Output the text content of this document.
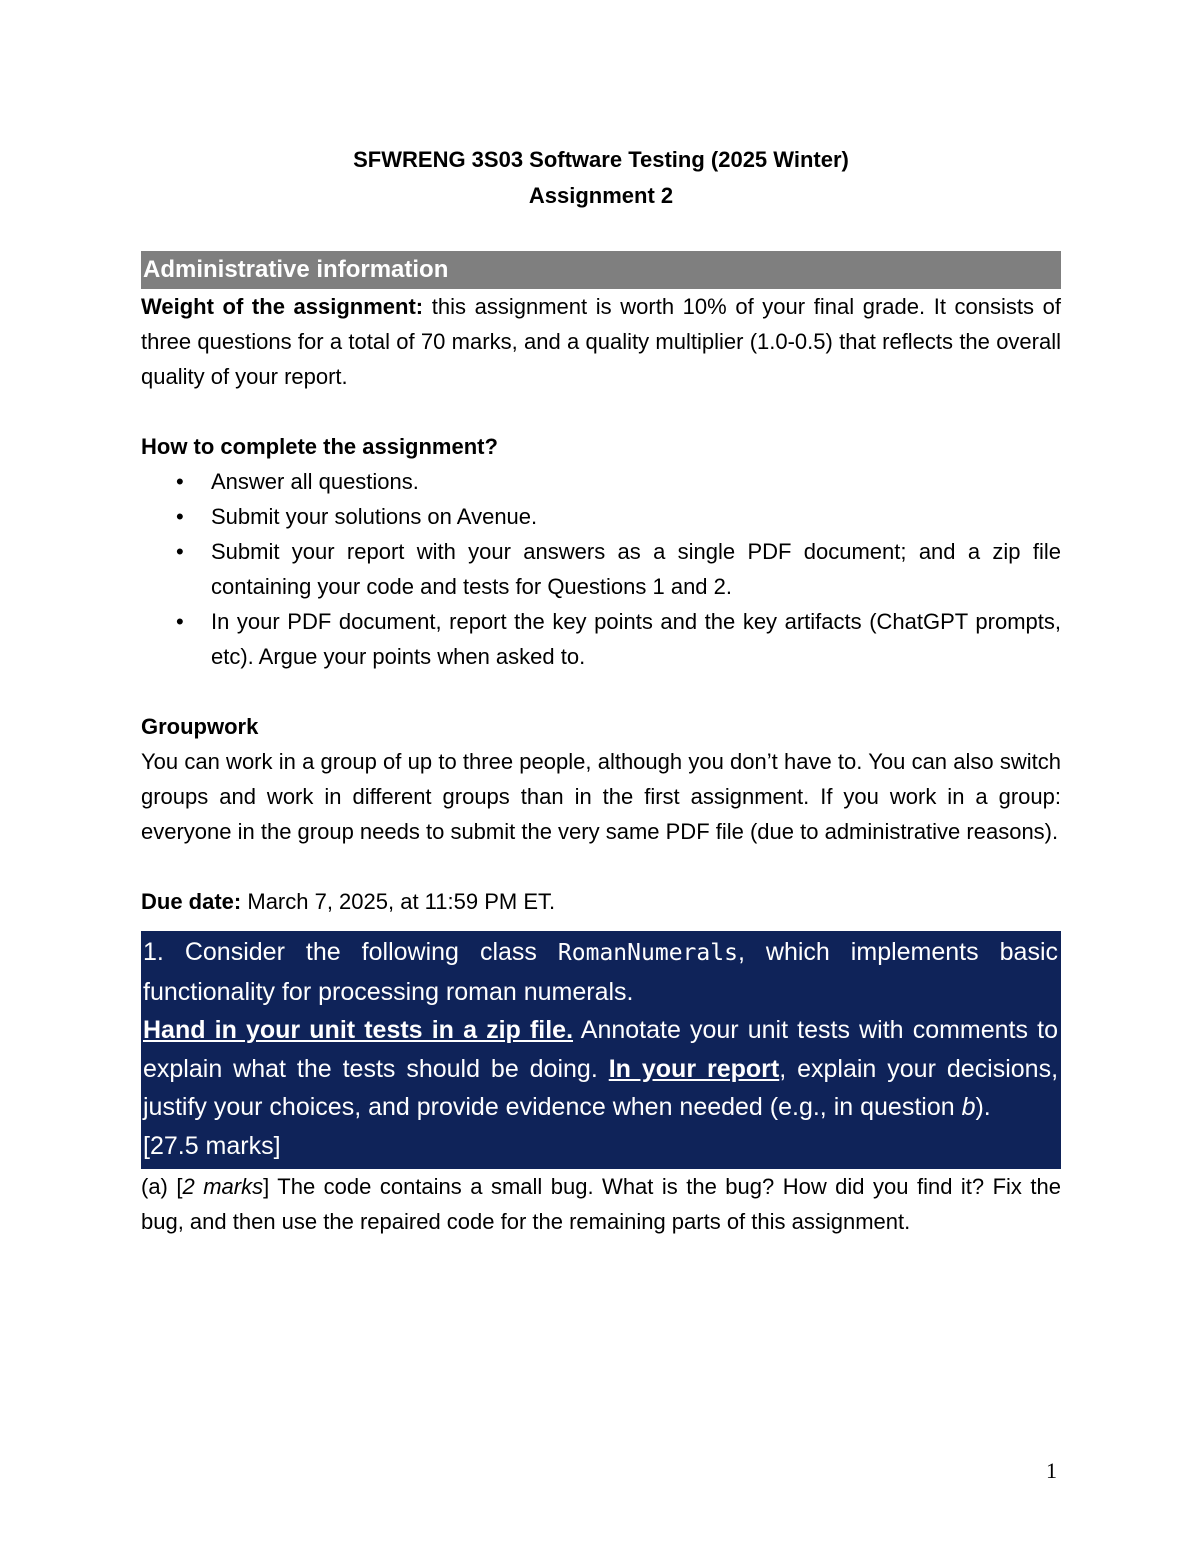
SFWRENG 3S03 Software Testing (2025 Winter)
Assignment 2
Administrative information

Weight of the assignment: this assignment is worth 10% of your final grade. It consists of three questions for a total of 70 marks, and a quality multiplier (1.0-0.5) that reflects the overall quality of your report.

How to complete the assignment?

• Answer all questions.
• Submit your solutions on Avenue.
• Submit your report with your answers as a single PDF document; and a zip file containing your code and tests for Questions 1 and 2.
• In your PDF document, report the key points and the key artifacts (ChatGPT prompts, etc). Argue your points when asked to.

Groupwork

You can work in a group of up to three people, although you don’t have to. You can also switch groups and work in different groups than in the first assignment. If you work in a group: everyone in the group needs to submit the very same PDF file (due to administrative reasons).

Due date: March 7, 2025, at 11:59 PM ET.

1. Consider the following class RomanNumerals, which implements basic functionality for processing roman numerals.

Hand in your unit tests in a zip file. Annotate your unit tests with comments to explain what the tests should be doing. In your report, explain your decisions, justify your choices, and provide evidence when needed (e.g., in question b).

[27.5 marks]

(a) [2 marks] The code contains a small bug. What is the bug? How did you find it? Fix the bug, and then use the repaired code for the remaining parts of this assignment.

1
